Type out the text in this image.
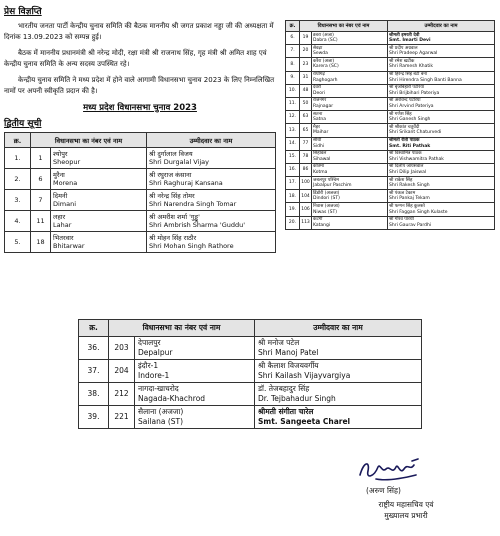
प्रेस विज्ञप्ति

भारतीय जनता पार्टी केन्द्रीय चुनाव समिति की बैठक माननीय श्री जगत प्रकाश नड्डा जी की अध्यक्षता में दिनांक 13.09.2023 को सम्पन्न हुई।

बैठक में माननीय प्रधानमंत्री श्री नरेन्द्र मोदी, रक्षा मंत्री श्री राजनाथ सिंह, गृह मंत्री श्री अमित शाह एवं केन्द्रीय चुनाव समिति के अन्य सदस्य उपस्थित रहे।

केन्द्रीय चुनाव समिति ने मध्य प्रदेश में होने वाले आगामी विधानसभा चुनाव 2023 के लिए निम्नलिखित नामों पर अपनी स्वीकृति प्रदान की है।

मध्य प्रदेश विधानसभा चुनाव 2023

द्वितीय सूची

क्र.	विधानसभा का नंबर एवं नाम		उम्मीदवार का नाम
1.	1	श्योपुर
Sheopur	श्री दुर्गालाल विजय
Shri Durgalal Vijay

2.	6	मुरैना
Morena	श्री रघुराज कंसाना
Shri Raghuraj Kansana

3.	7	दिमनी
Dimani	श्री नरेन्द्र सिंह तोमर
Shri Narendra Singh Tomar

4.	11	लहार
Lahar	श्री अमरीश शर्मा 'गुड्डू'
Shri Ambrish Sharma 'Guddu'

5.	18	भितरवार
Bhitarwar	श्री मोहन सिंह राठौर
Shri Mohan Singh Rathore
क्र.	विधानसभा का नंबर एवं नाम		उम्मीदवार का नाम
6.	19	डबरा (अजा)
Dabra (SC)	श्रीमती इमरती देवी
Smt. Imarti Devi

7.	20	सेवढ़ा
Sewda	श्री प्रदीप अग्रवाल
Shri Pradeep Agarwal

8.	23	करैरा (अजा)
Karera (SC)	श्री रमेश खटीक
Shri Ramesh Khatik

9.	31	राघोगढ़
Raghogarh	श्री हिरेन्द्र सिंह बंटी बना
Shri Hirendra Singh Banti Banna

10.	48	देवरी
Deori	श्री बृजबिहारी पटेरिया
Shri Brijbihari Pateriya

11.	50	राजनगर
Rajnagar	श्री अरविन्द पटेरिया
Shri Arvind Pateriya

12.	63	सतना
Satna	श्री गणेश सिंह
Shri Ganesh Singh

13.	65	मैहर
Maihar	श्री श्रीकांत चतुर्वेदी
Shri Srikant Chaturvedi

14.	77	सीधी
Sidhi	श्रीमती रीती पाठक
Smt. Riti Pathak

15.	78	सिहावल
Sihawal	श्री विश्वामित्र पाठक
Shri Vishwamitra Pathak

16.	86	कोतमा
Kotma	श्री दिलीप जायसवाल
Shri Dilip Jaiswal

17.	100	जबलपुर पश्चिम
Jabalpur Paschim	श्री राकेश सिंह
Shri Rakesh Singh

18.	104	डिंडोरी (अजजा)
Dindori (ST)	श्री पंकज टेकाम
Shri Pankaj Tekam

19.	106	निवास (अजजा)
Niwas (ST)	श्री फग्गन सिंह कुलस्ते
Shri Faggan Singh Kulaste

20.	113	कटंगी
Katangi	श्री गौरव पारधी
Shri Gaurav Pardhi
क्र.	विधानसभा का नंबर एवं नाम		उम्मीदवार का नाम
36.	203	देपालपुर
Depalpur	श्री मनोज पटेल
Shri Manoj Patel

37.	204	इंदौर-1
Indore-1	श्री कैलाश विजयवर्गीय
Shri Kailash Vijayvargiya

38.	212	नागदा-खाचरोद
Nagada-Khachrod	डॉ. तेजबहादुर सिंह
Dr. Tejbahadur Singh

39.	221	सैलाना (अजजा)
Sailana (ST)	श्रीमती संगीता चारेल
Smt. Sangeeta Charel
(अरुण सिंह)
राष्ट्रीय महासचिव एवं
मुख्यालय प्रभारी
